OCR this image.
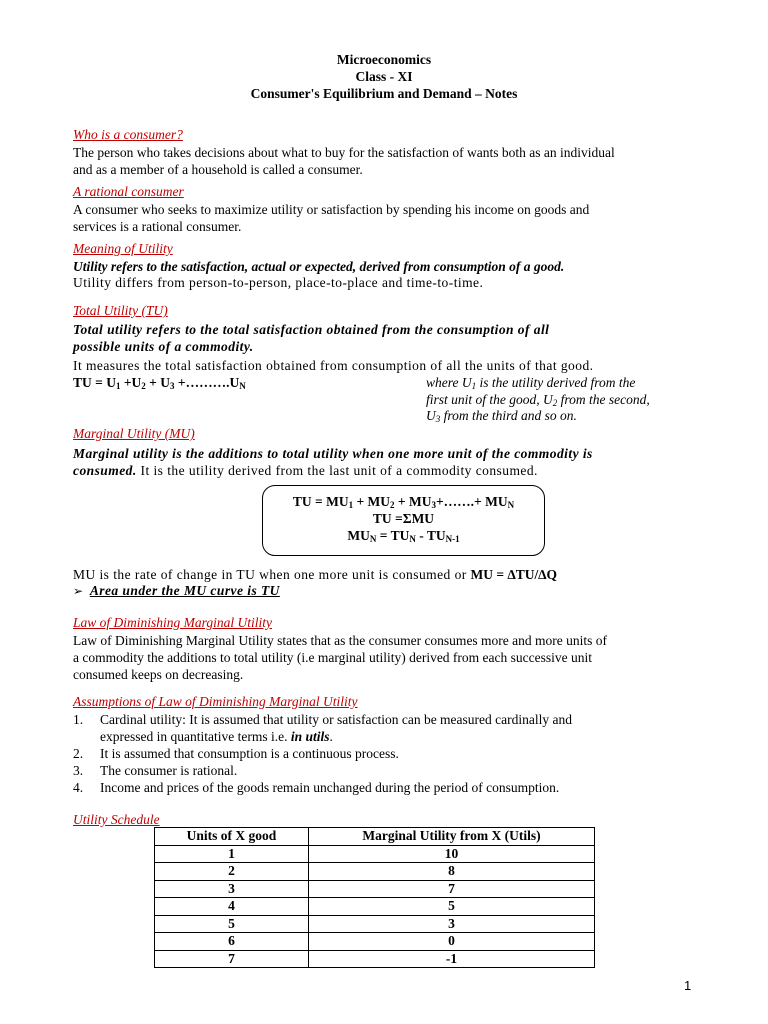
Microeconomics
Class - XI
Consumer's Equilibrium and Demand – Notes
Who is a consumer?
The person who takes decisions about what to buy for the satisfaction of wants both as an individual
and as a member of a household is called a consumer.
A rational consumer
A consumer who seeks to maximize utility or satisfaction by spending his income on goods and
services is a rational consumer.
Meaning of Utility
Utility refers to the satisfaction, actual or expected, derived from consumption of a good.
Utility differs from person-to-person, place-to-place and time-to-time.
Total Utility (TU)
Total utility refers to the total satisfaction obtained from the consumption of all
possible units of a commodity.
It measures the total satisfaction obtained from consumption of all the units of that good.
TU = $U_1 +U_2 + U_3$ $+\dots\dots\dots.U_N$	where $U_1$ is the utility derived from the
first unit of the good, $U_2$ from the second,
$U_3$ from the third and so on.
Marginal Utility (MU)
Marginal utility is the additions to total utility when one more unit of the commodity is
consumed. It is the utility derived from the last unit of a commodity consumed.
TU = $MU_1 + MU_2$ + $MU_3+\dots\dots.+ MU_N$
TU =ΣMU
$MU_N = TU_N - TU_{N-1}$
MU is the rate of change in TU when one more unit is consumed or MU = ∆TU/∆Q
➢ Area under the MU curve is TU
Law of Diminishing Marginal Utility
Law of Diminishing Marginal Utility states that as the consumer consumes more and more units of
a commodity the additions to total utility (i.e marginal utility) derived from each successive unit
consumed keeps on decreasing.
Assumptions of Law of Diminishing Marginal Utility
1. Cardinal utility: It is assumed that utility or satisfaction can be measured cardinally and
expressed in quantitative terms i.e. in utils.
2. It is assumed that consumption is a continuous process.
3. The consumer is rational.
4. Income and prices of the goods remain unchanged during the period of consumption.
Utility Schedule
Units of X good	Marginal Utility from X (Utils)
1	10
2	8
3	7
4	5
5	3
6	0
7	-1
1
